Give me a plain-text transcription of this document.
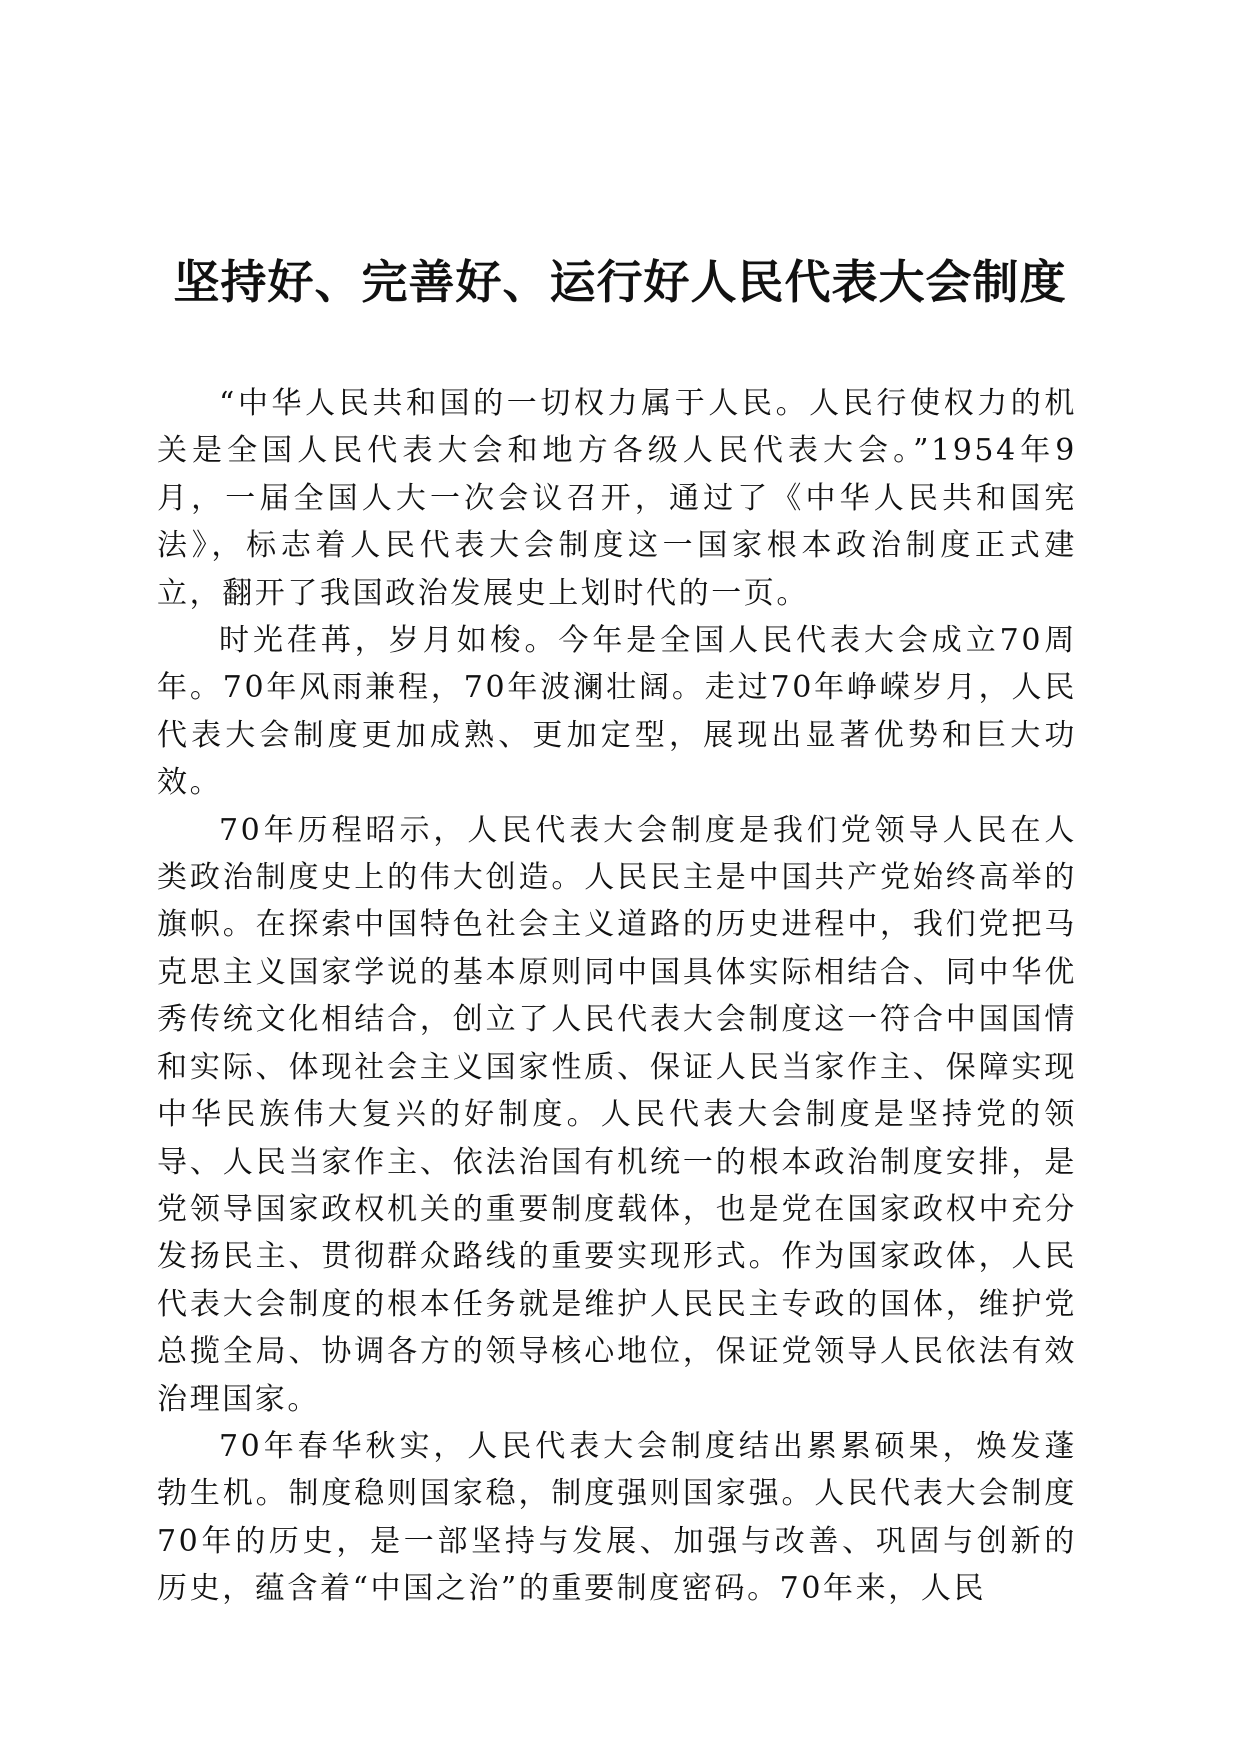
坚持好、完善好、运行好人民代表大会制度

“中华人民共和国的一切权力属于人民。人民行使权力的机关是全国人民代表大会和地方各级人民代表大会。”1954年9月，一届全国人大一次会议召开，通过了《中华人民共和国宪法》，标志着人民代表大会制度这一国家根本政治制度正式建立，翻开了我国政治发展史上划时代的一页。

时光荏苒，岁月如梭。今年是全国人民代表大会成立70周年。70年风雨兼程，70年波澜壮阔。走过70年峥嵘岁月，人民代表大会制度更加成熟、更加定型，展现出显著优势和巨大功效。

70年历程昭示，人民代表大会制度是我们党领导人民在人类政治制度史上的伟大创造。人民民主是中国共产党始终高举的旗帜。在探索中国特色社会主义道路的历史进程中，我们党把马克思主义国家学说的基本原则同中国具体实际相结合、同中华优秀传统文化相结合，创立了人民代表大会制度这一符合中国国情和实际、体现社会主义国家性质、保证人民当家作主、保障实现中华民族伟大复兴的好制度。人民代表大会制度是坚持党的领导、人民当家作主、依法治国有机统一的根本政治制度安排，是党领导国家政权机关的重要制度载体，也是党在国家政权中充分发扬民主、贯彻群众路线的重要实现形式。作为国家政体，人民代表大会制度的根本任务就是维护人民民主专政的国体，维护党总揽全局、协调各方的领导核心地位，保证党领导人民依法有效治理国家。

70年春华秋实，人民代表大会制度结出累累硕果，焕发蓬勃生机。制度稳则国家稳，制度强则国家强。人民代表大会制度70年的历史，是一部坚持与发展、加强与改善、巩固与创新的历史，蕴含着“中国之治”的重要制度密码。70年来，人民
